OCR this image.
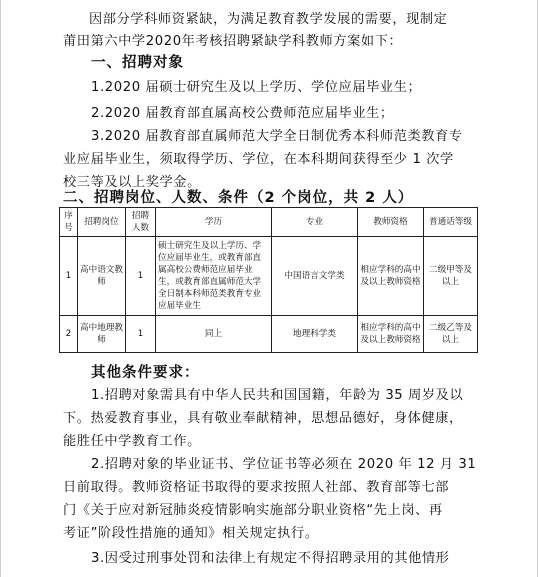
因部分学科师资紧缺，为满足教育教学发展的需要，现制定
莆田第六中学2020年考核招聘紧缺学科教师方案如下：
一、招聘对象
1.2020 届硕士研究生及以上学历、学位应届毕业生；
2.2020 届教育部直属高校公费师范应届毕业生；
3.2020 届教育部直属师范大学全日制优秀本科师范类教育专
业应届毕业生，须取得学历、学位，在本科期间获得至少 1 次学
校三等及以上奖学金。
二、招聘岗位、人数、条件（2 个岗位，共 2 人）
序号	招聘岗位	招聘人数	学历	专业	教师资格	普通话等级
1	高中语文教师	1	硕士研究生及以上学历、学位应届毕业生，或教育部直属高校公费师范应届毕业生，或教育部直属师范大学全日制本科师范类教育专业应届毕业生	中国语言文学类	相应学科的高中及以上教师资格	二级甲等及以上
2	高中地理教师	1	同上	地理科学类	相应学科的高中及以上教师资格	二级乙等及以上
其他条件要求：
1.招聘对象需具有中华人民共和国国籍，年龄为 35 周岁及以
下。热爱教育事业，具有敬业奉献精神，思想品德好，身体健康，
能胜任中学教育工作。
2.招聘对象的毕业证书、学位证书等必须在 2020 年 12 月 31
日前取得。教师资格证书取得的要求按照人社部、教育部等七部
门《关于应对新冠肺炎疫情影响实施部分职业资格“先上岗、再
考证”阶段性措施的通知》相关规定执行。
3.因受过刑事处罚和法律上有规定不得招聘录用的其他情形
